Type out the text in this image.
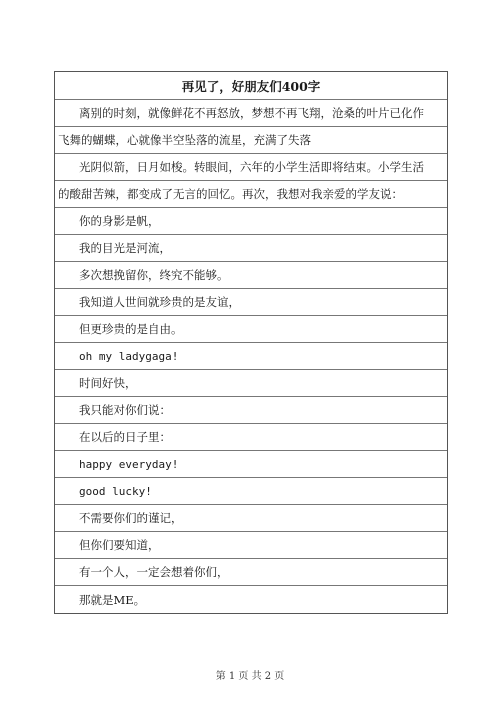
再见了，好朋友们400字
离别的时刻，就像鲜花不再怒放，梦想不再飞翔，沧桑的叶片已化作
飞舞的蝴蝶，心就像半空坠落的流星，充满了失落
光阴似箭，日月如梭。转眼间，六年的小学生活即将结束。小学生活
的酸甜苦辣，都变成了无言的回忆。再次，我想对我亲爱的学友说：
你的身影是帆，
我的目光是河流，
多次想挽留你，终究不能够。
我知道人世间就珍贵的是友谊，
但更珍贵的是自由。
oh my ladygaga!
时间好快，
我只能对你们说：
在以后的日子里：
happy everyday!
good lucky!
不需要你们的谨记，
但你们要知道，
有一个人，一定会想着你们，
那就是ME。
第 1 页 共 2 页
